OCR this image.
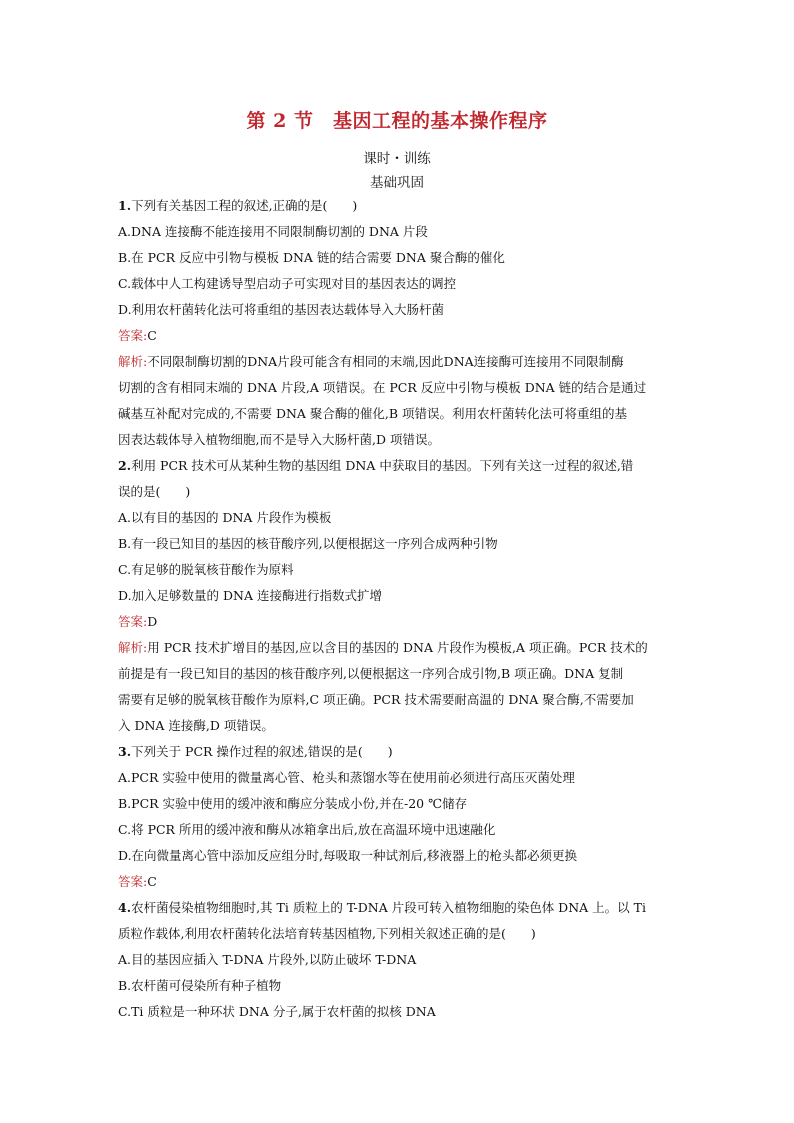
第 2 节　基因工程的基本操作程序
课时・训练
基础巩固
1.下列有关基因工程的叙述,正确的是(　　)
A.DNA 连接酶不能连接用不同限制酶切割的 DNA 片段
B.在 PCR 反应中引物与模板 DNA 链的结合需要 DNA 聚合酶的催化
C.载体中人工构建诱导型启动子可实现对目的基因表达的调控
D.利用农杆菌转化法可将重组的基因表达载体导入大肠杆菌
答案:C
解析:不同限制酶切割的DNA片段可能含有相同的末端,因此DNA连接酶可连接用不同限制酶
切割的含有相同末端的 DNA 片段,A 项错误。在 PCR 反应中引物与模板 DNA 链的结合是通过
碱基互补配对完成的,不需要 DNA 聚合酶的催化,B 项错误。利用农杆菌转化法可将重组的基
因表达载体导入植物细胞,而不是导入大肠杆菌,D 项错误。
2.利用 PCR 技术可从某种生物的基因组 DNA 中获取目的基因。下列有关这一过程的叙述,错
误的是(　　)
A.以有目的基因的 DNA 片段作为模板
B.有一段已知目的基因的核苷酸序列,以便根据这一序列合成两种引物
C.有足够的脱氧核苷酸作为原料
D.加入足够数量的 DNA 连接酶进行指数式扩增
答案:D
解析:用 PCR 技术扩增目的基因,应以含目的基因的 DNA 片段作为模板,A 项正确。PCR 技术的
前提是有一段已知目的基因的核苷酸序列,以便根据这一序列合成引物,B 项正确。DNA 复制
需要有足够的脱氧核苷酸作为原料,C 项正确。PCR 技术需要耐高温的 DNA 聚合酶,不需要加
入 DNA 连接酶,D 项错误。
3.下列关于 PCR 操作过程的叙述,错误的是(　　)
A.PCR 实验中使用的微量离心管、枪头和蒸馏水等在使用前必须进行高压灭菌处理
B.PCR 实验中使用的缓冲液和酶应分装成小份,并在-20 ℃储存
C.将 PCR 所用的缓冲液和酶从冰箱拿出后,放在高温环境中迅速融化
D.在向微量离心管中添加反应组分时,每吸取一种试剂后,移液器上的枪头都必须更换
答案:C
4.农杆菌侵染植物细胞时,其 Ti 质粒上的 T-DNA 片段可转入植物细胞的染色体 DNA 上。以 Ti
质粒作载体,利用农杆菌转化法培育转基因植物,下列相关叙述正确的是(　　)
A.目的基因应插入 T-DNA 片段外,以防止破坏 T-DNA
B.农杆菌可侵染所有种子植物
C.Ti 质粒是一种环状 DNA 分子,属于农杆菌的拟核 DNA
